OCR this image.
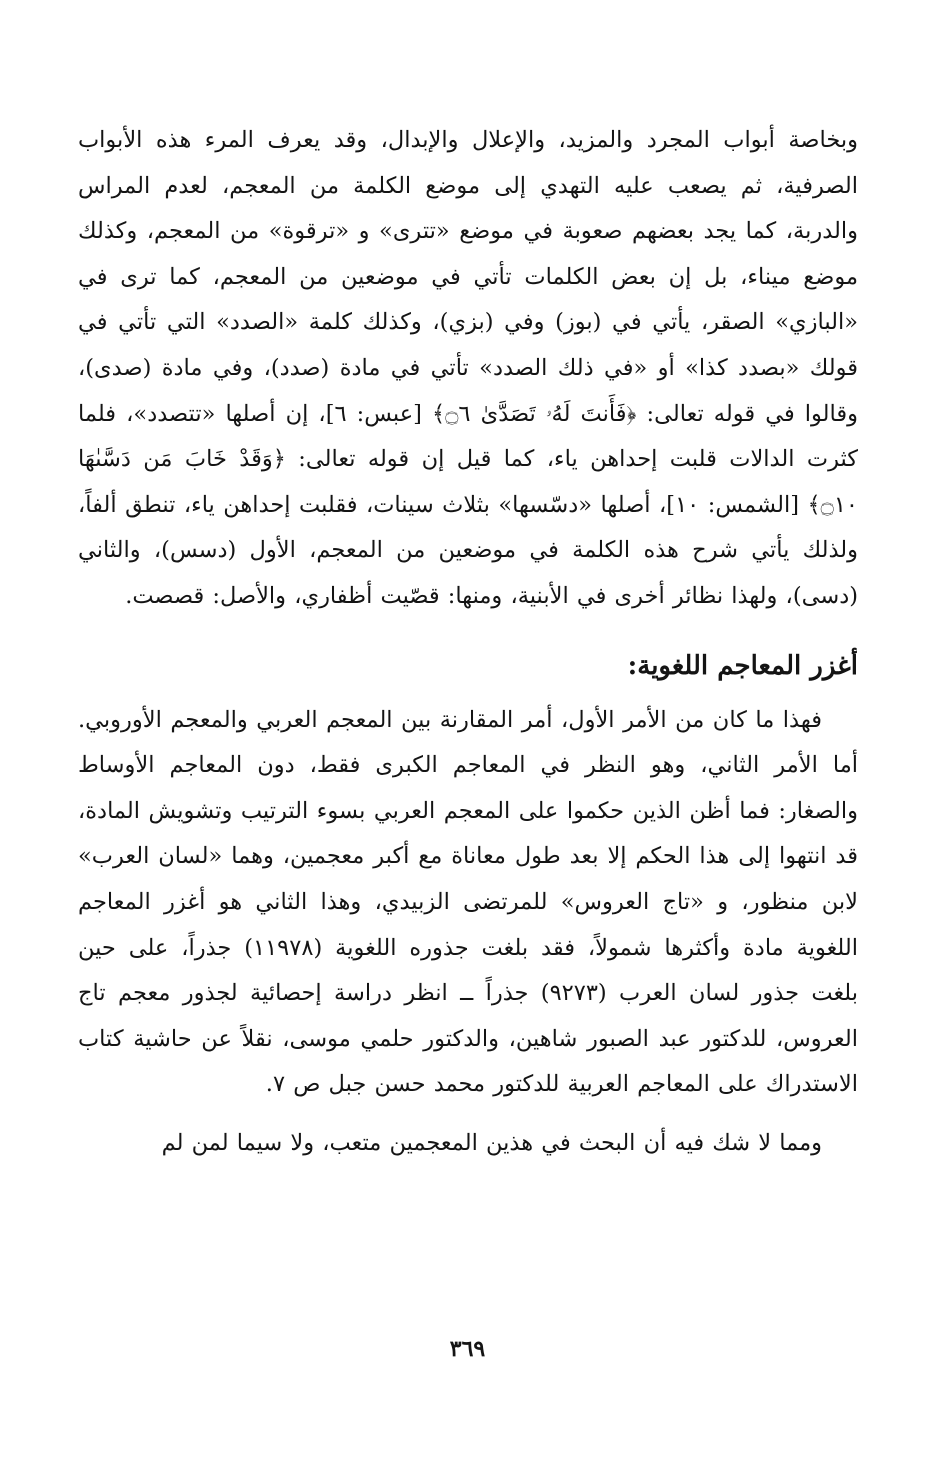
وبخاصة أبواب المجرد والمزيد، والإعلال والإبدال، وقد يعرف المرء هذه الأبواب الصرفية، ثم يصعب عليه التهدي إلى موضع الكلمة من المعجم، لعدم المراس والدربة، كما يجد بعضهم صعوبة في موضع «تترى» و «ترقوة» من المعجم، وكذلك موضع ميناء، بل إن بعض الكلمات تأتي في موضعين من المعجم، كما ترى في «البازي» الصقر، يأتي في (بوز) وفي (بزي)، وكذلك كلمة «الصدد» التي تأتي في قولك «بصدد كذا» أو «في ذلك الصدد» تأتي في مادة (صدد)، وفي مادة (صدى)، وقالوا في قوله تعالى: ﴿فَأَنتَ لَهُۥ تَصَدَّىٰ ۝٦﴾ [عبس: ٦]، إن أصلها «تتصدد»، فلما كثرت الدالات قلبت إحداهن ياء، كما قيل إن قوله تعالى: ﴿وَقَدْ خَابَ مَن دَسَّىٰهَا ۝١٠﴾ [الشمس: ١٠]، أصلها «دسّسها» بثلاث سينات، فقلبت إحداهن ياء، تنطق ألفاً، ولذلك يأتي شرح هذه الكلمة في موضعين من المعجم، الأول (دسس)، والثاني (دسى)، ولهذا نظائر أخرى في الأبنية، ومنها: قصّيت أظفاري، والأصل: قصصت.

أغزر المعاجم اللغوية:

فهذا ما كان من الأمر الأول، أمر المقارنة بين المعجم العربي والمعجم الأوروبي. أما الأمر الثاني، وهو النظر في المعاجم الكبرى فقط، دون المعاجم الأوساط والصغار: فما أظن الذين حكموا على المعجم العربي بسوء الترتيب وتشويش المادة، قد انتهوا إلى هذا الحكم إلا بعد طول معاناة مع أكبر معجمين، وهما «لسان العرب» لابن منظور، و «تاج العروس» للمرتضى الزبيدي، وهذا الثاني هو أغزر المعاجم اللغوية مادة وأكثرها شمولاً، فقد بلغت جذوره اللغوية (١١٩٧٨) جذراً، على حين بلغت جذور لسان العرب (٩٢٧٣) جذراً ــ انظر دراسة إحصائية لجذور معجم تاج العروس، للدكتور عبد الصبور شاهين، والدكتور حلمي موسى، نقلاً عن حاشية كتاب الاستدراك على المعاجم العربية للدكتور محمد حسن جبل ص ٧.

ومما لا شك فيه أن البحث في هذين المعجمين متعب، ولا سيما لمن لم

٣٦٩
